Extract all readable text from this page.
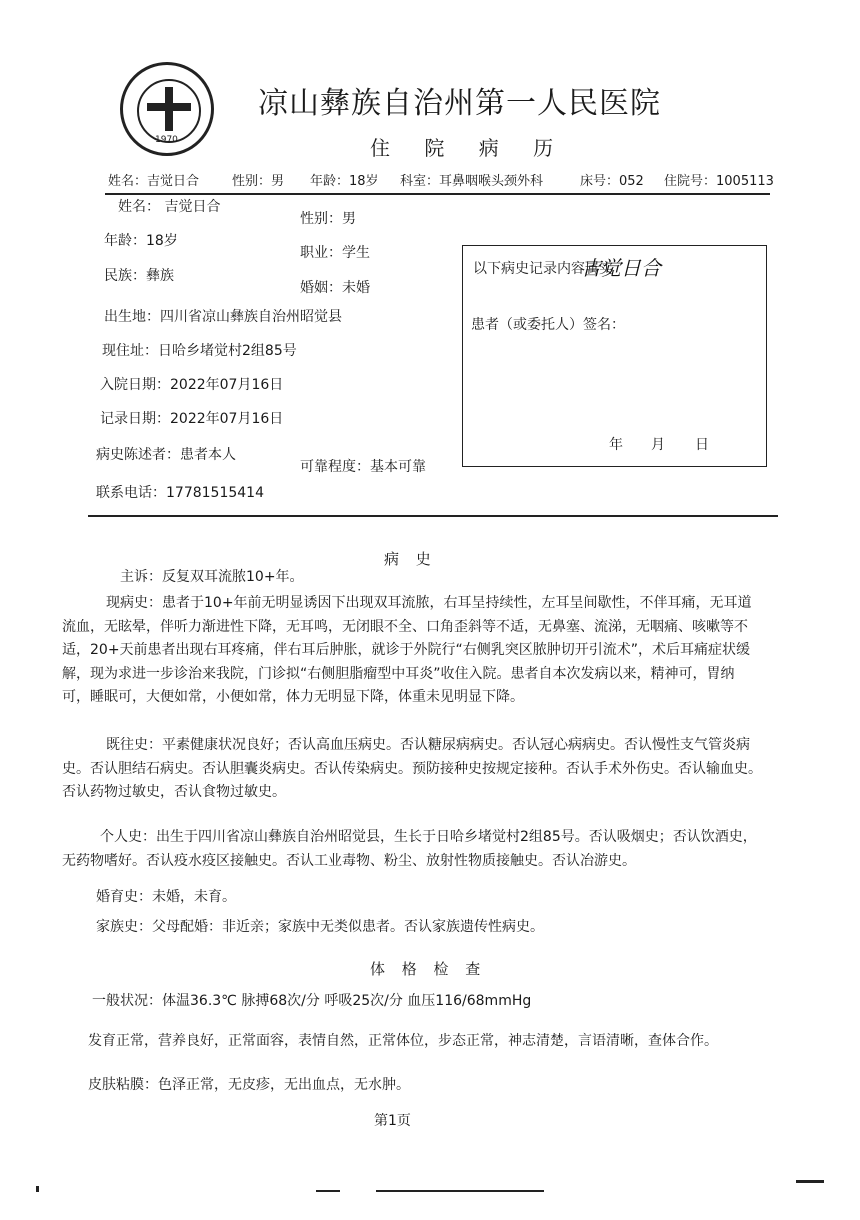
1970
凉山彝族自治州第一人民医院
住 院 病 历
姓名：吉觉日合	性别：男 年龄：18岁 科室：耳鼻咽喉头颈外科	床号：052 住院号：1005113
姓名： 吉觉日合
性别：男
年龄：18岁
职业：学生
民族：彝族
婚姻：未婚
出生地：四川省凉山彝族自治州昭觉县
现住址：日哈乡堵觉村2组85号
入院日期：2022年07月16日
记录日期：2022年07月16日
病史陈述者：患者本人
可靠程度：基本可靠
联系电话：17781515414
以下病史记录内容属实
吉觉日合
患者（或委托人）签名：
年 月 日
病 史
主诉：反复双耳流脓10+年。
现病史：患者于10+年前无明显诱因下出现双耳流脓，右耳呈持续性，左耳呈间歇性，不伴耳痛，无耳道流血，无眩晕，伴听力渐进性下降，无耳鸣，无闭眼不全、口角歪斜等不适，无鼻塞、流涕，无咽痛、咳嗽等不适，20+天前患者出现右耳疼痛，伴右耳后肿胀，就诊于外院行“右侧乳突区脓肿切开引流术”，术后耳痛症状缓解，现为求进一步诊治来我院，门诊拟“右侧胆脂瘤型中耳炎”收住入院。患者自本次发病以来，精神可，胃纳可，睡眠可，大便如常，小便如常，体力无明显下降，体重未见明显下降。
既往史：平素健康状况良好；否认高血压病史。否认糖尿病病史。否认冠心病病史。否认慢性支气管炎病史。否认胆结石病史。否认胆囊炎病史。否认传染病史。预防接种史按规定接种。否认手术外伤史。否认输血史。否认药物过敏史，否认食物过敏史。
个人史：出生于四川省凉山彝族自治州昭觉县，生长于日哈乡堵觉村2组85号。否认吸烟史；否认饮酒史，无药物嗜好。否认疫水疫区接触史。否认工业毒物、粉尘、放射性物质接触史。否认冶游史。
婚育史：未婚，未育。
家族史：父母配婚：非近亲；家族中无类似患者。否认家族遗传性病史。
体 格 检 查
一般状况：体温36.3℃ 脉搏68次/分 呼吸25次/分 血压116/68mmHg
发育正常，营养良好，正常面容，表情自然，正常体位，步态正常，神志清楚，言语清晰，查体合作。
皮肤粘膜：色泽正常，无皮疹，无出血点，无水肿。
第1页
